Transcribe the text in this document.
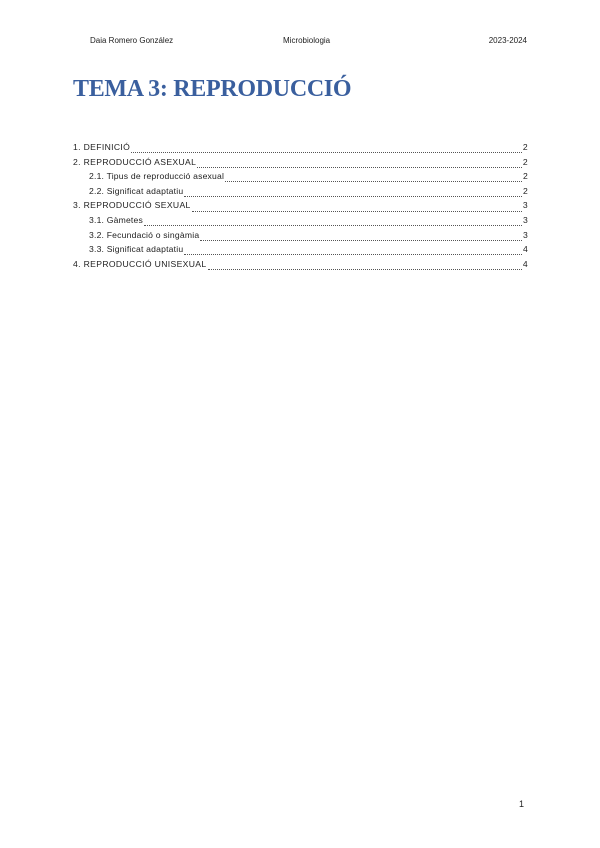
Daia Romero González	Microbiologia	2023-2024
TEMA 3: REPRODUCCIÓ
1. DEFINICIÓ	2
2. REPRODUCCIÓ ASEXUAL	2
2.1. Tipus de reproducció asexual	2
2.2. Significat adaptatiu	2
3. REPRODUCCIÓ SEXUAL	3
3.1. Gàmetes	3
3.2. Fecundació o singàmia	3
3.3. Significat adaptatiu	4
4. REPRODUCCIÓ UNISEXUAL	4
1
